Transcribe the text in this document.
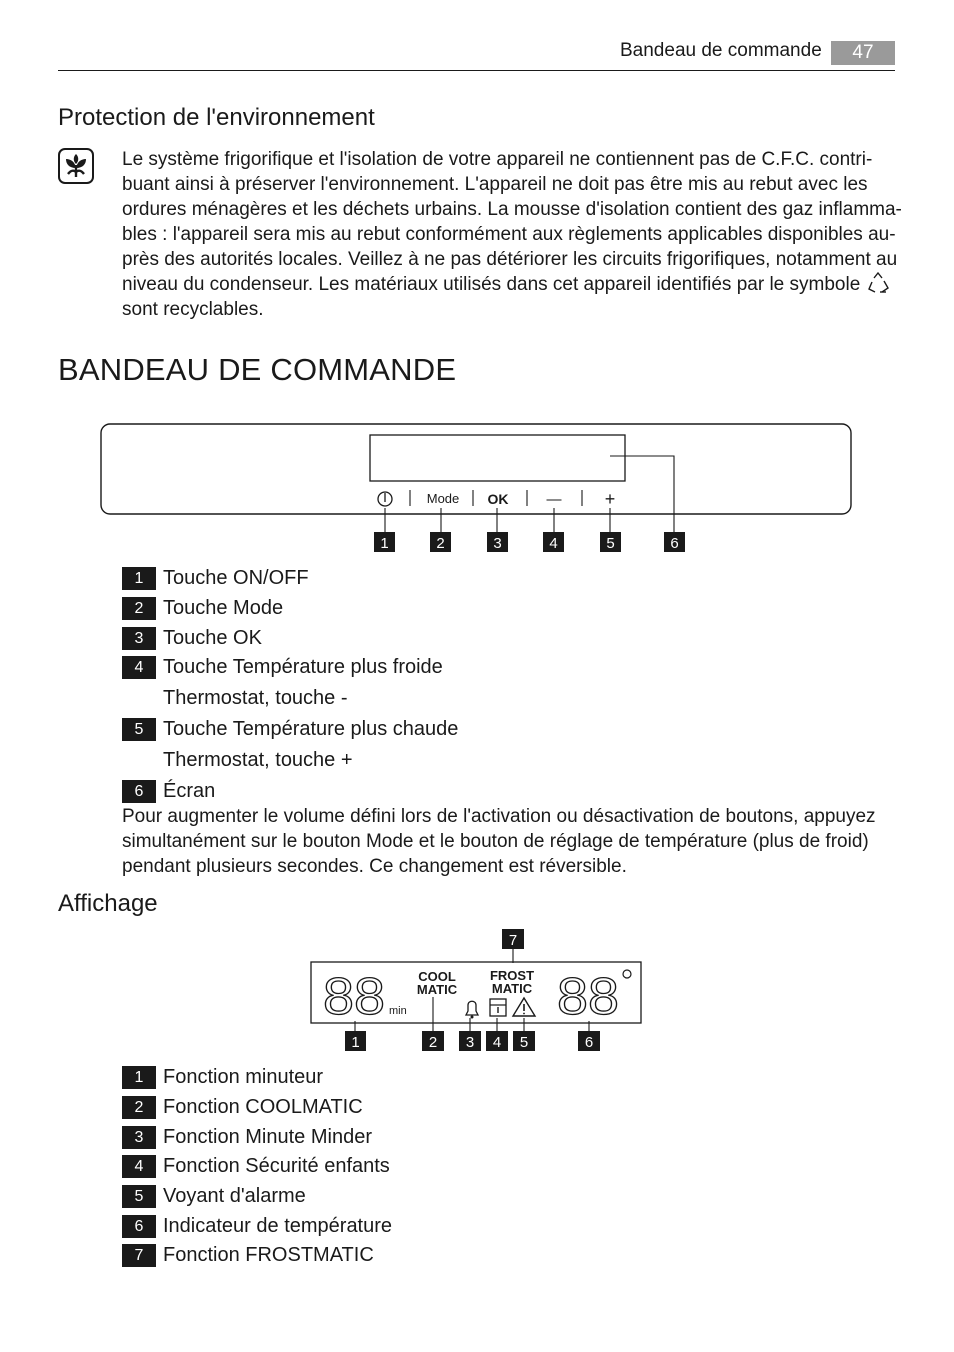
Bandeau de commande	47
Protection de l'environnement
Le système frigorifique et l'isolation de votre appareil ne contiennent pas de C.F.C. contri-
buant ainsi à préserver l'environnement. L'appareil ne doit pas être mis au rebut avec les
ordures ménagères et les déchets urbains. La mousse d'isolation contient des gaz inflamma-
bles : l'appareil sera mis au rebut conformément aux règlements applicables disponibles au-
près des autorités locales. Veillez à ne pas détériorer les circuits frigorifiques, notamment au
niveau du condenseur. Les matériaux utilisés dans cet appareil identifiés par le symbole
sont recyclables.
BANDEAU DE COMMANDE
Mode OK	— +
1	2	3	4	5	6
1 Touche ON/OFF
2 Touche Mode
3 Touche OK
4 Touche Température plus froide
Thermostat, touche -
5 Touche Température plus chaude
Thermostat, touche +
6 Écran
Pour augmenter le volume défini lors de l'activation ou désactivation de boutons, appuyez
simultanément sur le bouton Mode et le bouton de réglage de température (plus de froid)
pendant plusieurs secondes. Ce changement est réversible.
Affichage
7
88 min
COOL
MATIC
FROST
MATIC 88
1	2 3 4 5	6
1 Fonction minuteur
2 Fonction COOLMATIC
3 Fonction Minute Minder
4 Fonction Sécurité enfants
5 Voyant d'alarme
6 Indicateur de température
7 Fonction FROSTMATIC
